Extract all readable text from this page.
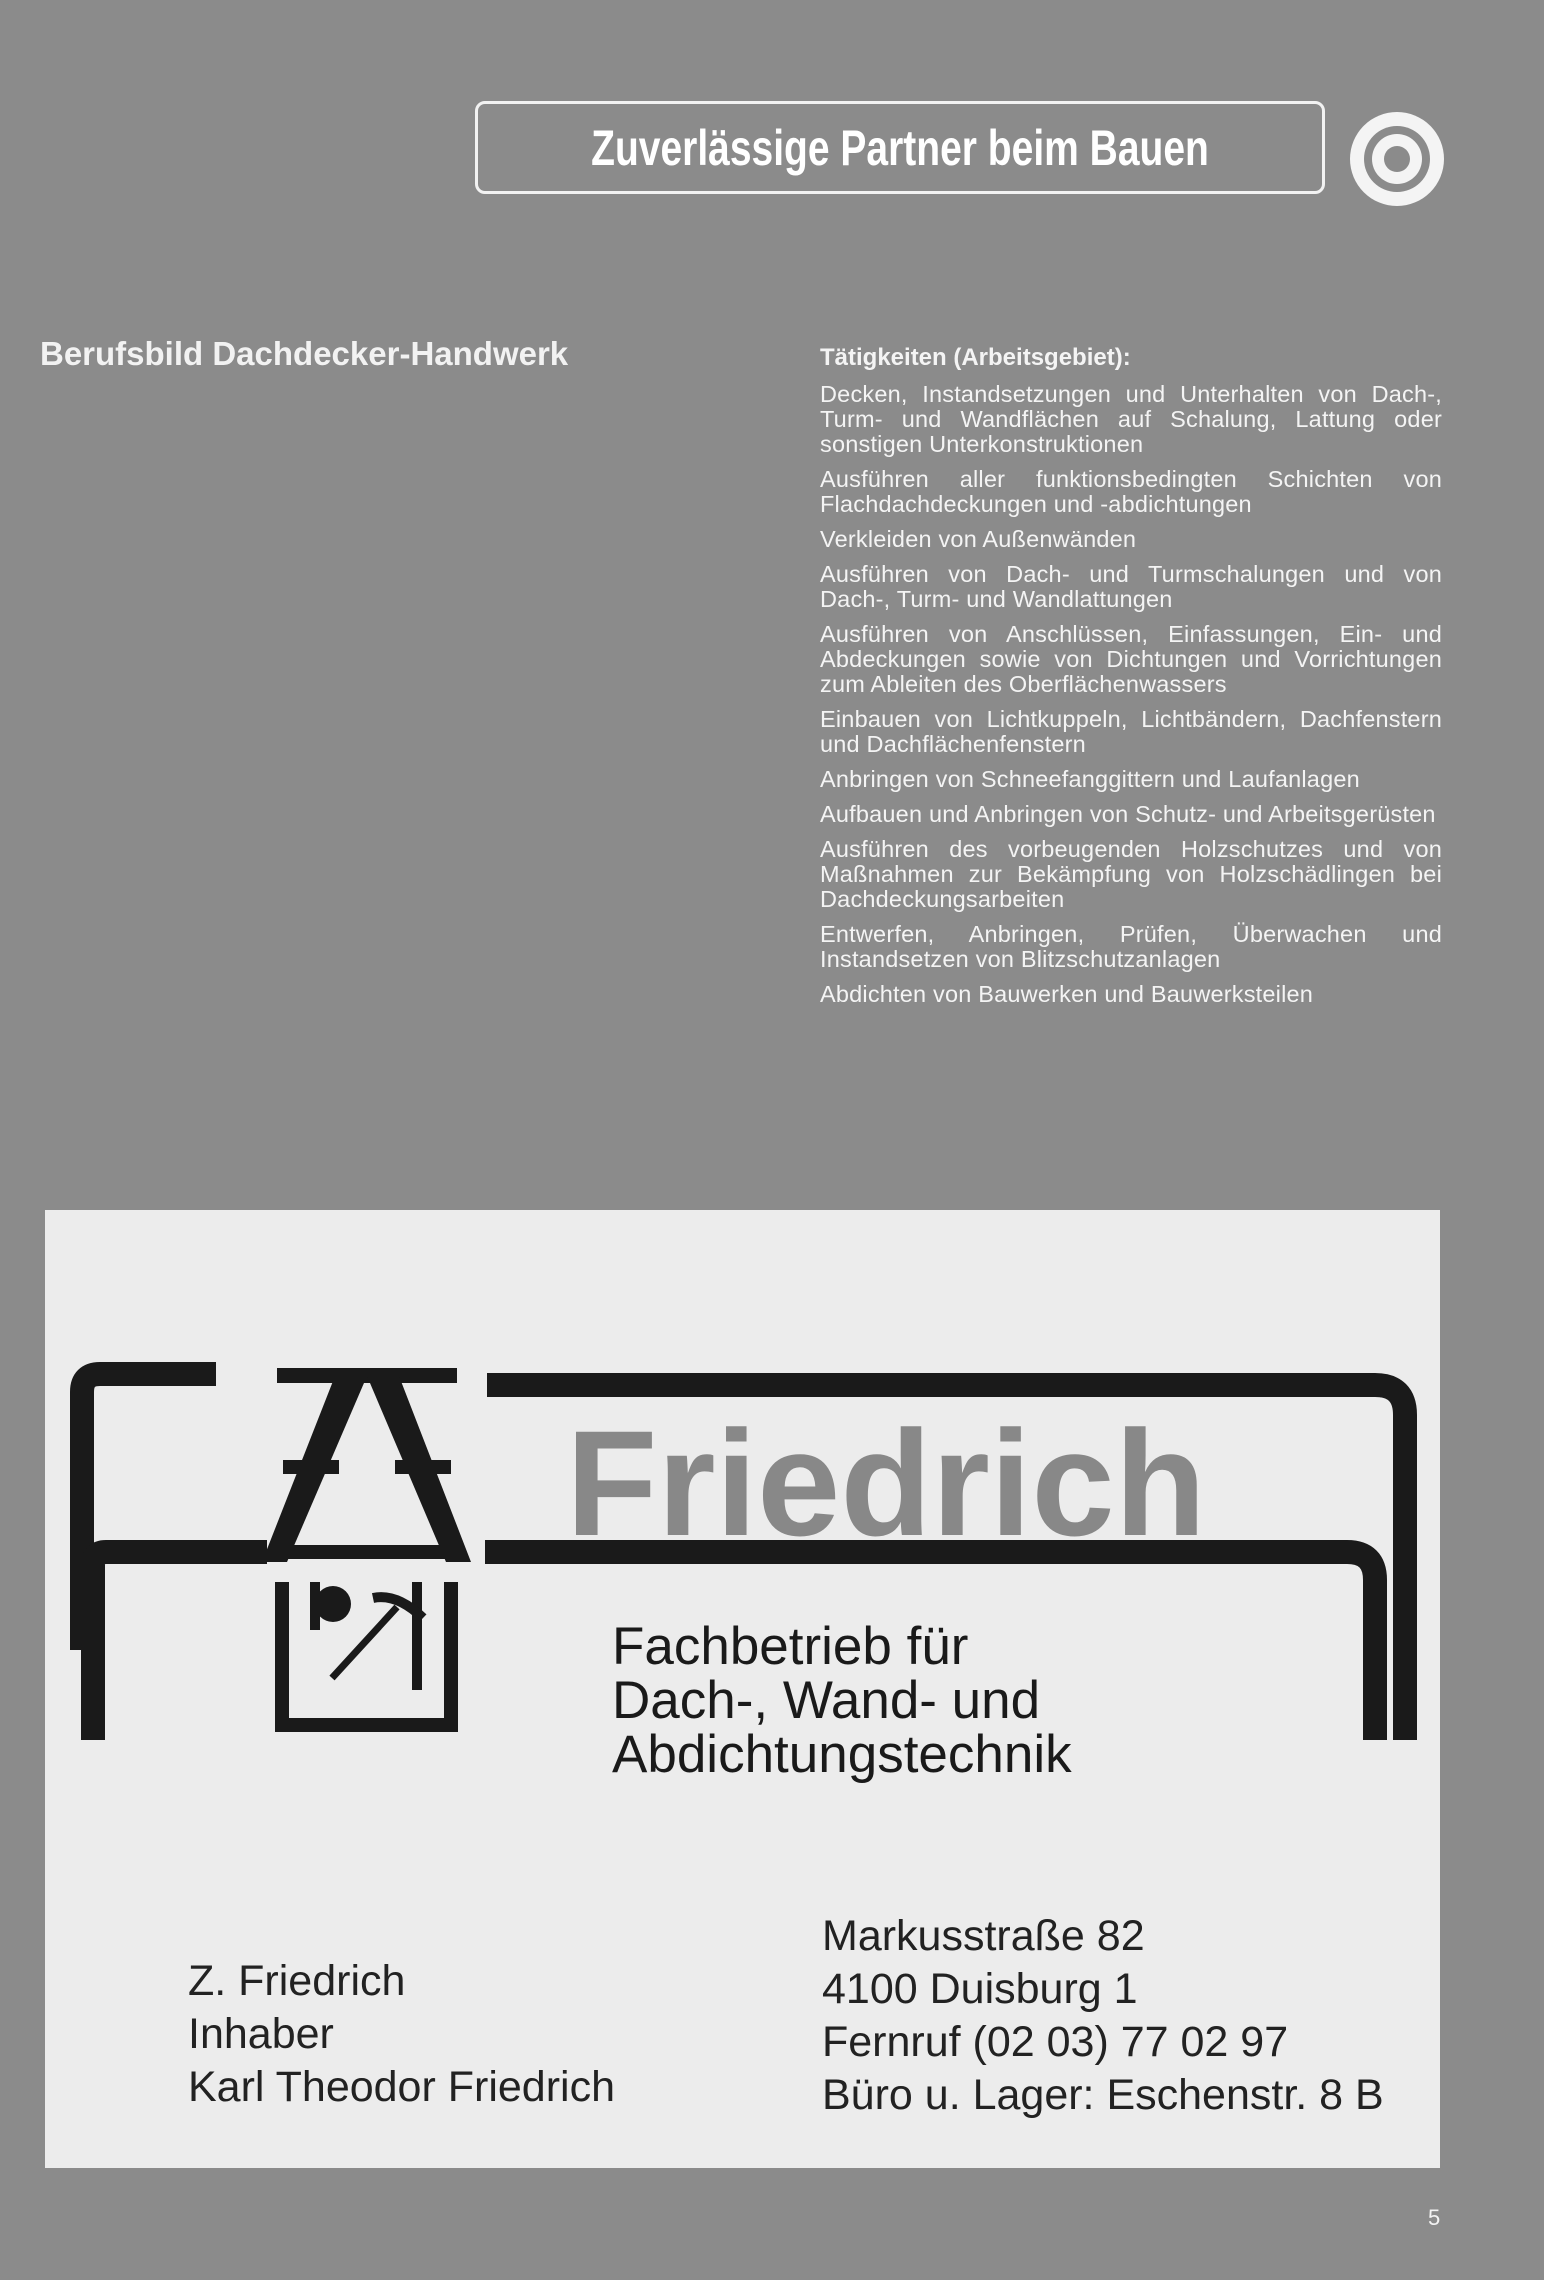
Zuverlässige Partner beim Bauen
Berufsbild Dachdecker-Handwerk	Tätigkeiten (Arbeitsgebiet):
Decken, Instandsetzungen und Unterhalten von Dach-, Turm- und Wandflächen auf Schalung, Lattung oder sonstigen Unterkonstruktionen
Ausführen aller funktionsbedingten Schichten von Flachdachdeckungen und -abdichtungen
Verkleiden von Außenwänden
Ausführen von Dach- und Turmschalungen und von Dach-, Turm- und Wandlattungen
Ausführen von Anschlüssen, Einfassungen, Ein- und Abdeckungen sowie von Dichtungen und Vorrichtungen zum Ableiten des Oberflächenwassers
Einbauen von Lichtkuppeln, Lichtbändern, Dachfenstern und Dachflächenfenstern
Anbringen von Schneefanggittern und Laufanlagen
Aufbauen und Anbringen von Schutz- und Arbeitsgerüsten
Ausführen des vorbeugenden Holzschutzes und von Maßnahmen zur Bekämpfung von Holzschädlingen bei Dachdeckungsarbeiten
Entwerfen, Anbringen, Prüfen, Überwachen und Instandsetzen von Blitzschutzanlagen
Abdichten von Bauwerken und Bauwerksteilen
Friedrich
Fachbetrieb für
Dach-, Wand- und
Abdichtungstechnik
Z. Friedrich
Inhaber
Karl Theodor Friedrich
Markusstraße 82
4100 Duisburg 1
Fernruf (02 03) 77 02 97
Büro u. Lager: Eschenstr. 8 B
5
